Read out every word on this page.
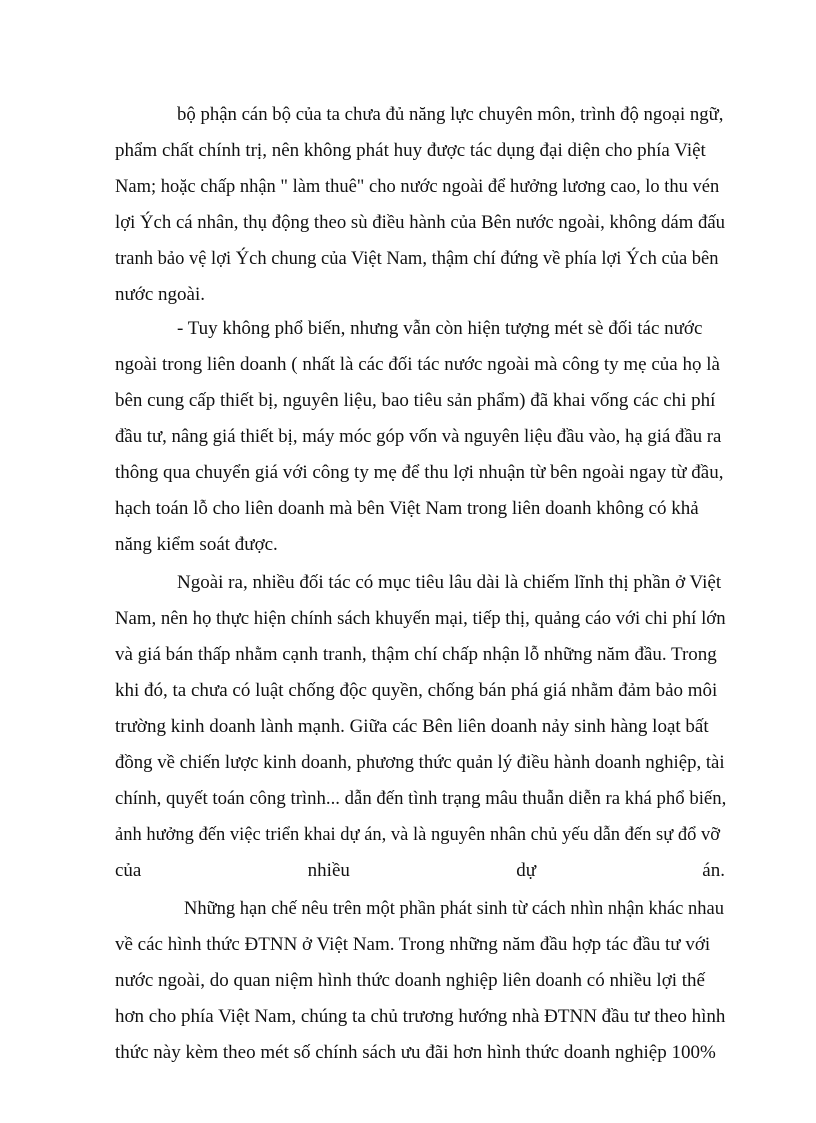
bộ phận cán bộ của ta chưa đủ năng lực chuyên môn, trình độ ngoại ngữ,
phẩm chất chính trị, nên không phát huy được tác dụng đại diện cho phía Việt
Nam; hoặc chấp nhận " làm thuê" cho nước ngoài để hưởng lương cao, lo thu vén
lợi Ých cá nhân, thụ động theo sù điều hành của Bên nước ngoài, không dám đấu
tranh bảo vệ lợi Ých chung của Việt Nam, thậm chí đứng về phía lợi Ých của bên
nước ngoài.
- Tuy không phổ biến, nhưng vẫn còn hiện tượng mét sè đối tác nước
ngoài trong liên doanh ( nhất là các đối tác nước ngoài mà công ty mẹ của họ là
bên cung cấp thiết bị, nguyên liệu, bao tiêu sản phẩm) đã khai vống các chi phí
đầu tư, nâng giá thiết bị, máy móc góp vốn và nguyên liệu đầu vào, hạ giá đầu ra
thông qua chuyển giá với công ty mẹ để thu lợi nhuận từ bên ngoài ngay từ đầu,
hạch toán lỗ cho liên doanh mà bên Việt Nam trong liên doanh không có khả
năng kiểm soát được.
Ngoài ra, nhiều đối tác có mục tiêu lâu dài là chiếm lĩnh thị phần ở Việt
Nam, nên họ thực hiện chính sách khuyến mại, tiếp thị, quảng cáo với chi phí lớn
và giá bán thấp nhằm cạnh tranh, thậm chí chấp nhận lỗ những năm đầu. Trong
khi đó, ta chưa có luật chống độc quyền, chống bán phá giá nhằm đảm bảo môi
trường kinh doanh lành mạnh. Giữa các Bên liên doanh nảy sinh hàng loạt bất
đồng về chiến lược kinh doanh, phương thức quản lý điều hành doanh nghiệp, tài
chính, quyết toán công trình... dẫn đến tình trạng mâu thuẫn diễn ra khá phổ biến,
ảnh hưởng đến việc triển khai dự án, và là nguyên nhân chủ yếu dẫn đến sự đổ vỡ
của	nhiều	dự	án.
Những hạn chế nêu trên một phần phát sinh từ cách nhìn nhận khác nhau
về các hình thức ĐTNN ở Việt Nam. Trong những năm đầu hợp tác đầu tư với
nước ngoài, do quan niệm hình thức doanh nghiệp liên doanh có nhiều lợi thế
hơn cho phía Việt Nam, chúng ta chủ trương hướng nhà ĐTNN đầu tư theo hình
thức này kèm theo mét số chính sách ưu đãi hơn hình thức doanh nghiệp 100%
